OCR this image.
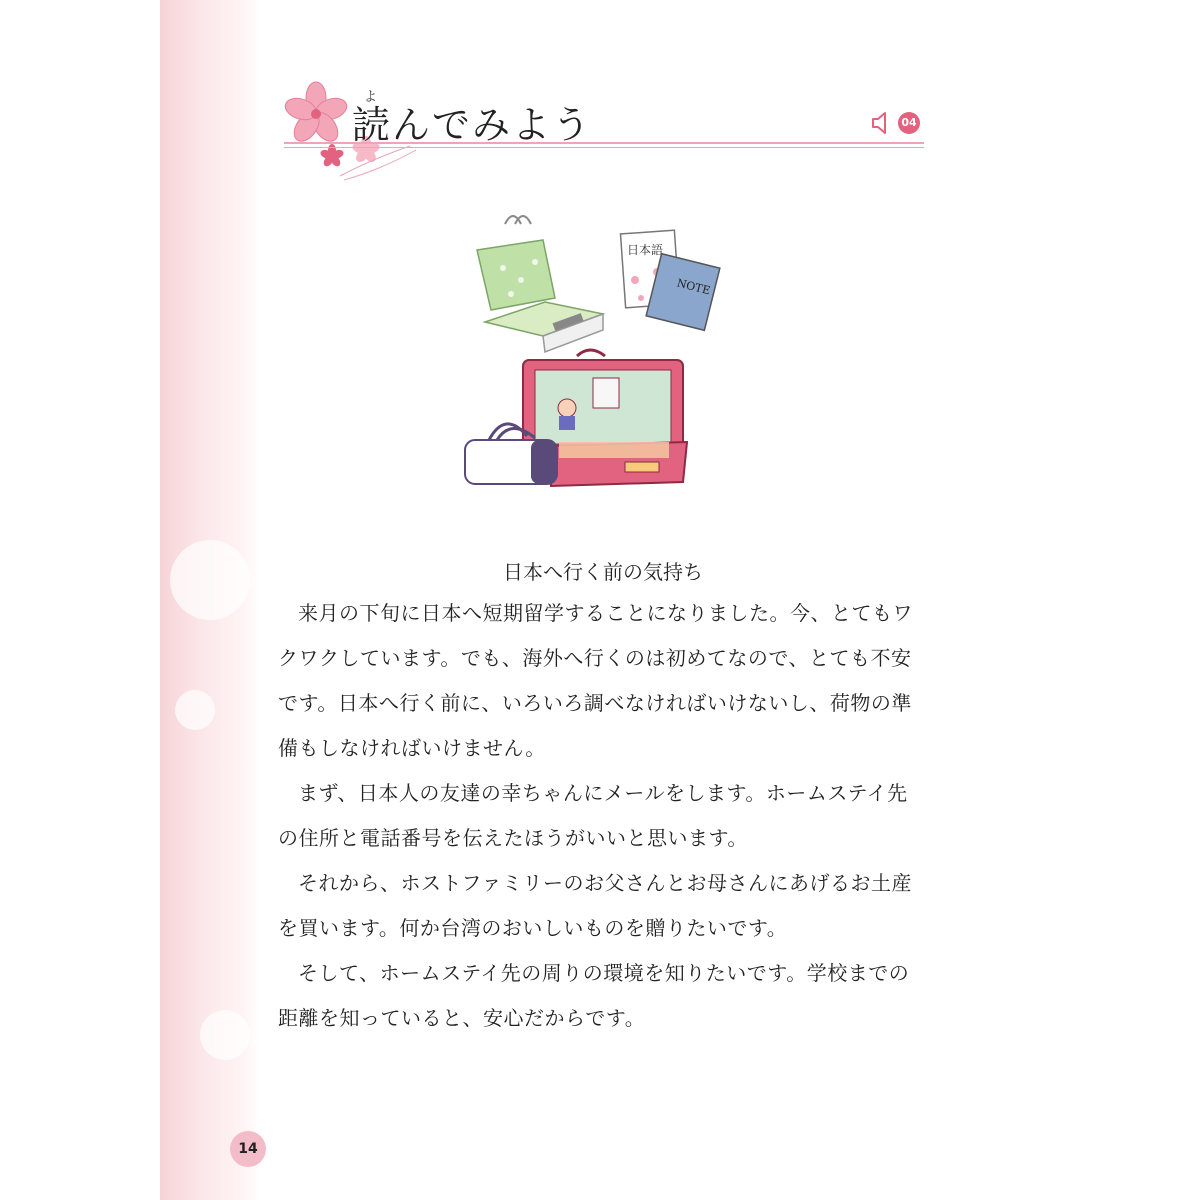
よ
読んでみよう	04
日本語
NOTE
日本へ行く前の気持ち

来月の下旬に日本へ短期留学することになりました。今、とてもワクワクしています。でも、海外へ行くのは初めてなので、とても不安です。日本へ行く前に、いろいろ調べなければいけないし、荷物の準備もしなければいけません。

まず、日本人の友達の幸ちゃんにメールをします。ホームステイ先の住所と電話番号を伝えたほうがいいと思います。

それから、ホストファミリーのお父さんとお母さんにあげるお土産を買います。何か台湾のおいしいものを贈りたいです。

そして、ホームステイ先の周りの環境を知りたいです。学校までの距離を知っていると、安心だからです。

14
